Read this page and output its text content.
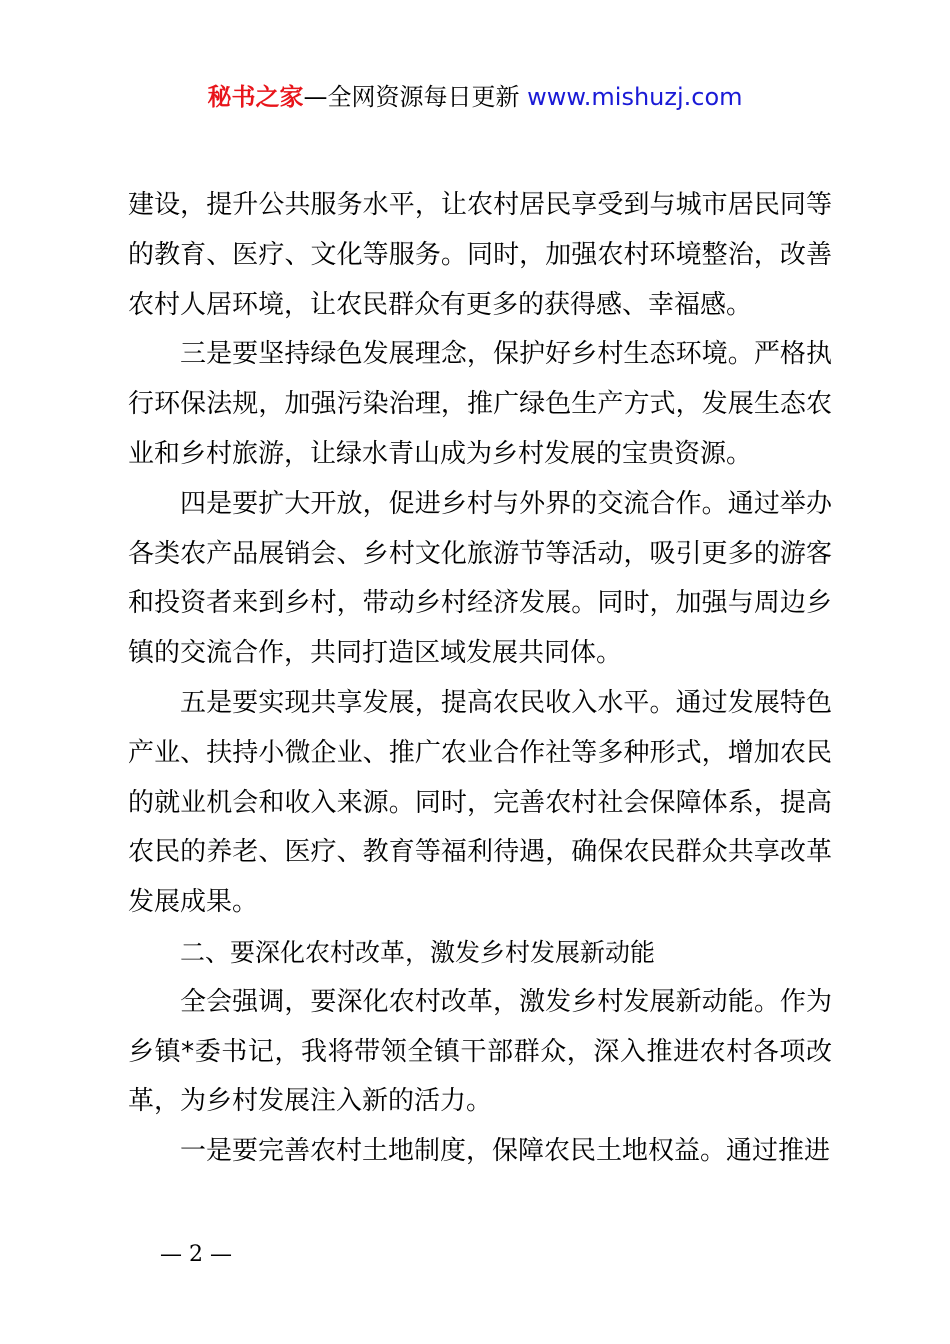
秘书之家—全网资源每日更新 www.mishuzj.com

建设，提升公共服务水平，让农村居民享受到与城市居民同等的教育、医疗、文化等服务。同时，加强农村环境整治，改善农村人居环境，让农民群众有更多的获得感、幸福感。

三是要坚持绿色发展理念，保护好乡村生态环境。严格执行环保法规，加强污染治理，推广绿色生产方式，发展生态农业和乡村旅游，让绿水青山成为乡村发展的宝贵资源。

四是要扩大开放，促进乡村与外界的交流合作。通过举办各类农产品展销会、乡村文化旅游节等活动，吸引更多的游客和投资者来到乡村，带动乡村经济发展。同时，加强与周边乡镇的交流合作，共同打造区域发展共同体。

五是要实现共享发展，提高农民收入水平。通过发展特色产业、扶持小微企业、推广农业合作社等多种形式，增加农民的就业机会和收入来源。同时，完善农村社会保障体系，提高农民的养老、医疗、教育等福利待遇，确保农民群众共享改革发展成果。

二、要深化农村改革，激发乡村发展新动能

全会强调，要深化农村改革，激发乡村发展新动能。作为乡镇*委书记，我将带领全镇干部群众，深入推进农村各项改革，为乡村发展注入新的活力。

一是要完善农村土地制度，保障农民土地权益。通过推进

— 2 —
